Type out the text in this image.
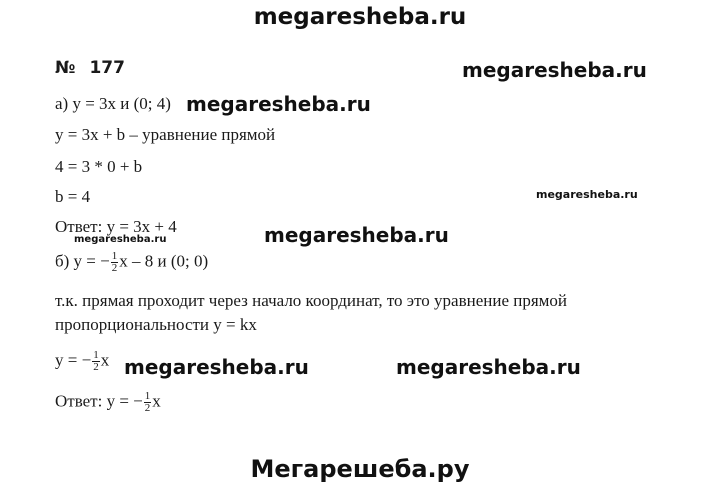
megaresheba.ru
№ 177	megaresheba.ru
а) y = 3x и (0; 4) megaresheba.ru
y = 3x + b – уравнение прямой
4 = 3 * 0 + b
b = 4	megaresheba.ru
Ответ: y = 3x + 4	megaresheba.ru
megaresheba.ru
б) y = − $\frac{1}{2}$ x – 8 и (0; 0)
т.к. прямая проходит через начало координат, то это уравнение прямой
пропорциональности y = kx
y = − $\frac{1}{2}$ x megaresheba.ru	megaresheba.ru
Ответ: y = − $\frac{1}{2}$ x
Мегарешеба.ру
